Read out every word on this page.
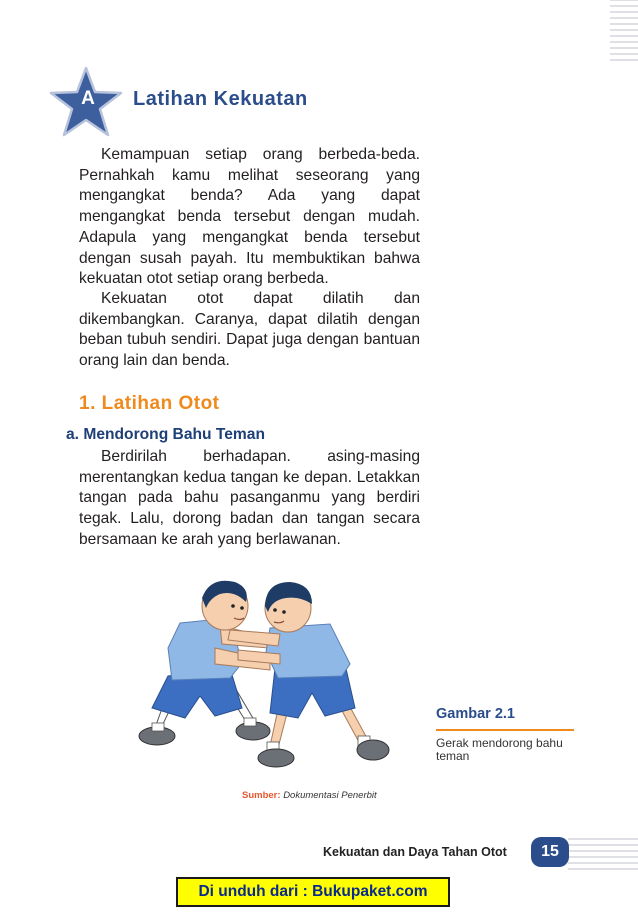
A Latihan Kekuatan

Kemampuan setiap orang berbeda-beda. Pernahkah kamu melihat seseorang yang mengangkat benda? Ada yang dapat mengangkat benda tersebut dengan mudah. Adapula yang mengangkat benda tersebut dengan susah payah. Itu membuktikan bahwa kekuatan otot setiap orang berbeda.

Kekuatan otot dapat dilatih dan dikembangkan. Caranya, dapat dilatih dengan beban tubuh sendiri. Dapat juga dengan bantuan orang lain dan benda.

1. Latihan Otot
a. Mendorong Bahu Teman

Berdirilah berhadapan. asing-masing merentangkan kedua tangan ke depan. Letakkan tangan pada bahu pasanganmu yang berdiri tegak. Lalu, dorong badan dan tangan secara bersamaan ke arah yang berlawanan.

Gambar 2.1
Gerak mendorong bahu teman
Sumber: Dokumentasi Penerbit
Kekuatan dan Daya Tahan Otot	15
Di unduh dari : Bukupaket.com
